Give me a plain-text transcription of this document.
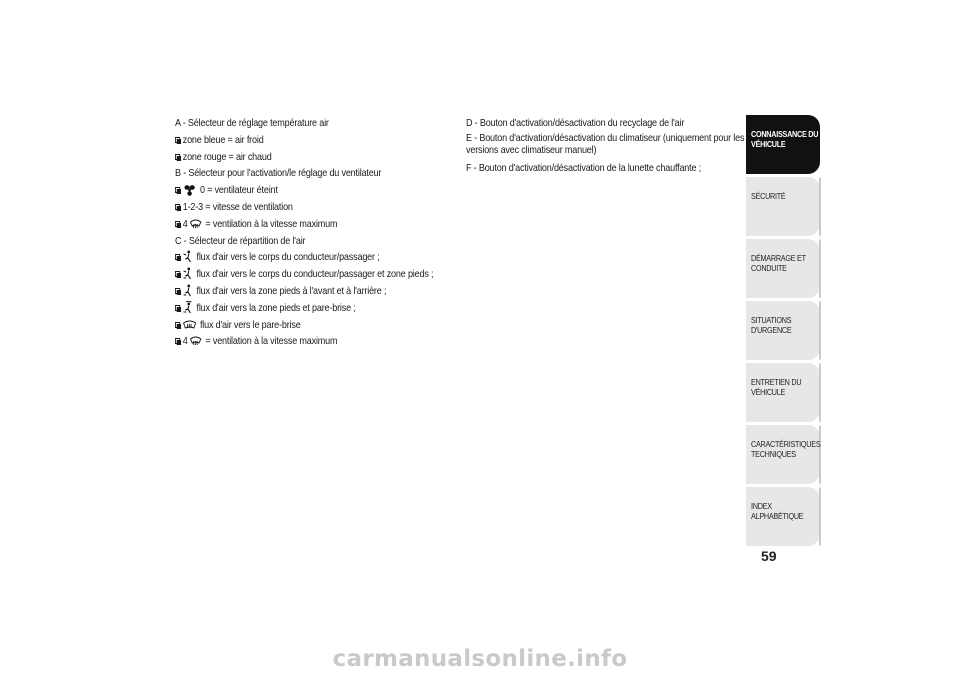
A - Sélecteur de réglage température air
zone bleue = air froid
zone rouge = air chaud
B - Sélecteur pour l'activation/le réglage du ventilateur
0 = ventilateur éteint
1-2-3 = vitesse de ventilation
4 = ventilation à la vitesse maximum
C - Sélecteur de répartition de l'air
flux d'air vers le corps du conducteur/passager ;
flux d'air vers le corps du conducteur/passager et zone pieds ;
flux d'air vers la zone pieds à l'avant et à l'arrière ;
flux d'air vers la zone pieds et pare-brise ;
flux d'air vers le pare-brise
4 = ventilation à la vitesse maximum
D - Bouton d'activation/désactivation du recyclage de l'air
E - Bouton d'activation/désactivation du climatiseur (uniquement pour les versions avec climatiseur manuel)
F - Bouton d'activation/désactivation de la lunette chauffante ;
CONNAISSANCE DU VÉHICULE
SÉCURITÉ
DÉMARRAGE ET CONDUITE
SITUATIONS D'URGENCE
ENTRETIEN DU VÉHICULE
CARACTÉRISTIQUES TECHNIQUES
INDEX ALPHABÉTIQUE
59
carmanualsonline.info
